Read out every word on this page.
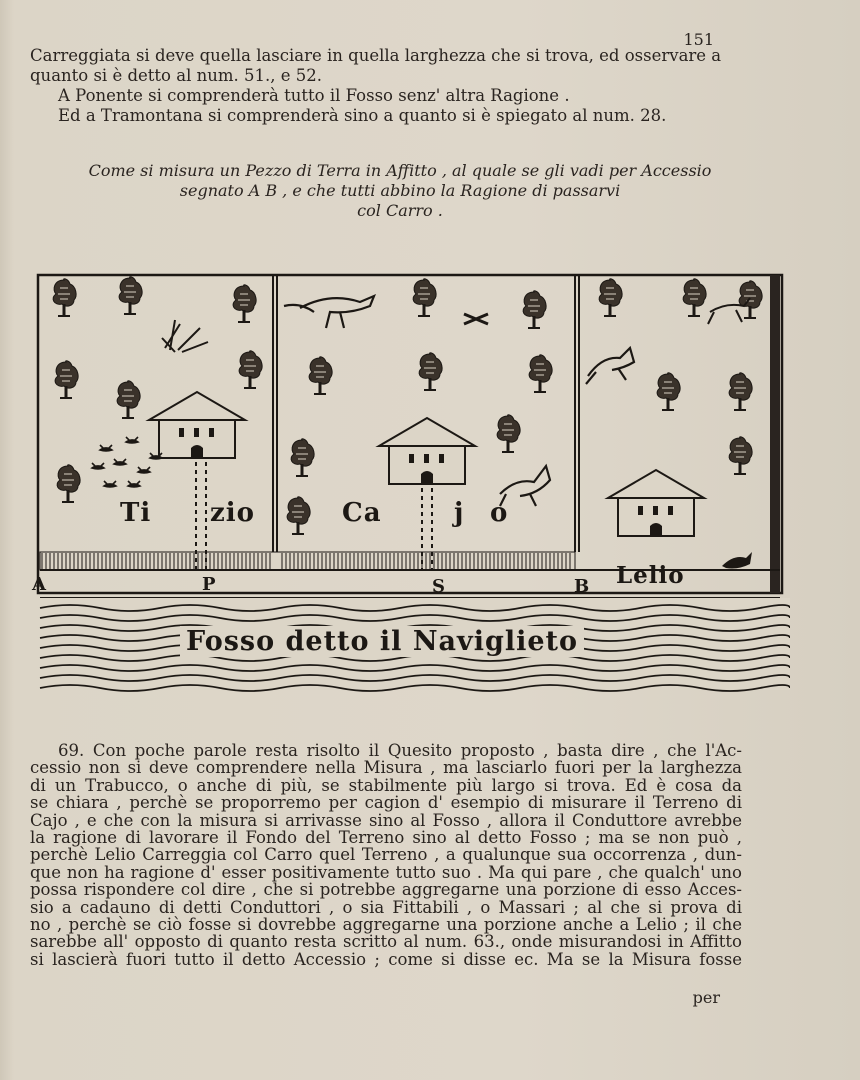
151
Carreggiata si deve quella lasciare in quella larghezza che si trova, ed osservare a
quanto si è detto al num. 51., e 52.
A Ponente si comprenderà tutto il Fosso senz' altra Ragione .
Ed a Tramontana si comprenderà sino a quanto si è spiegato al num. 28.
Come si misura un Pezzo di Terra in Affitto , al quale se gli vadi per Accessio
segnato A B , e che tutti abbino la Ragione di passarvi
col Carro .
Ti zio	Ca	j o
Lelio
A	P	S	B
Fosso detto il Naviglieto
69. Con poche parole resta risolto il Quesito proposto , basta dire , che l'Ac-
cessio non si deve comprendere nella Misura , ma lasciarlo fuori per la larghezza
di un Trabucco, o anche di più, se stabilmente più largo si trova. Ed è cosa da
se chiara , perchè se proporremo per cagion d' esempio di misurare il Terreno di
Cajo , e che con la misura si arrivasse sino al Fosso , allora il Conduttore avrebbe
la ragione di lavorare il Fondo del Terreno sino al detto Fosso ; ma se non può ,
perchè Lelio Carreggia col Carro quel Terreno , a qualunque sua occorrenza , dun-
que non ha ragione d' esser positivamente tutto suo . Ma qui pare , che qualch' uno
possa rispondere col dire , che si potrebbe aggregarne una porzione di esso Acces-
sio a cadauno di detti Conduttori , o sia Fittabili , o Massari ; al che si prova di
no , perchè se ciò fosse si dovrebbe aggregarne una porzione anche a Lelio ; il che
sarebbe all' opposto di quanto resta scritto al num. 63., onde misurandosi in Affitto
si lascierà fuori tutto il detto Accessio ; come si disse ec. Ma se la Misura fosse
per
